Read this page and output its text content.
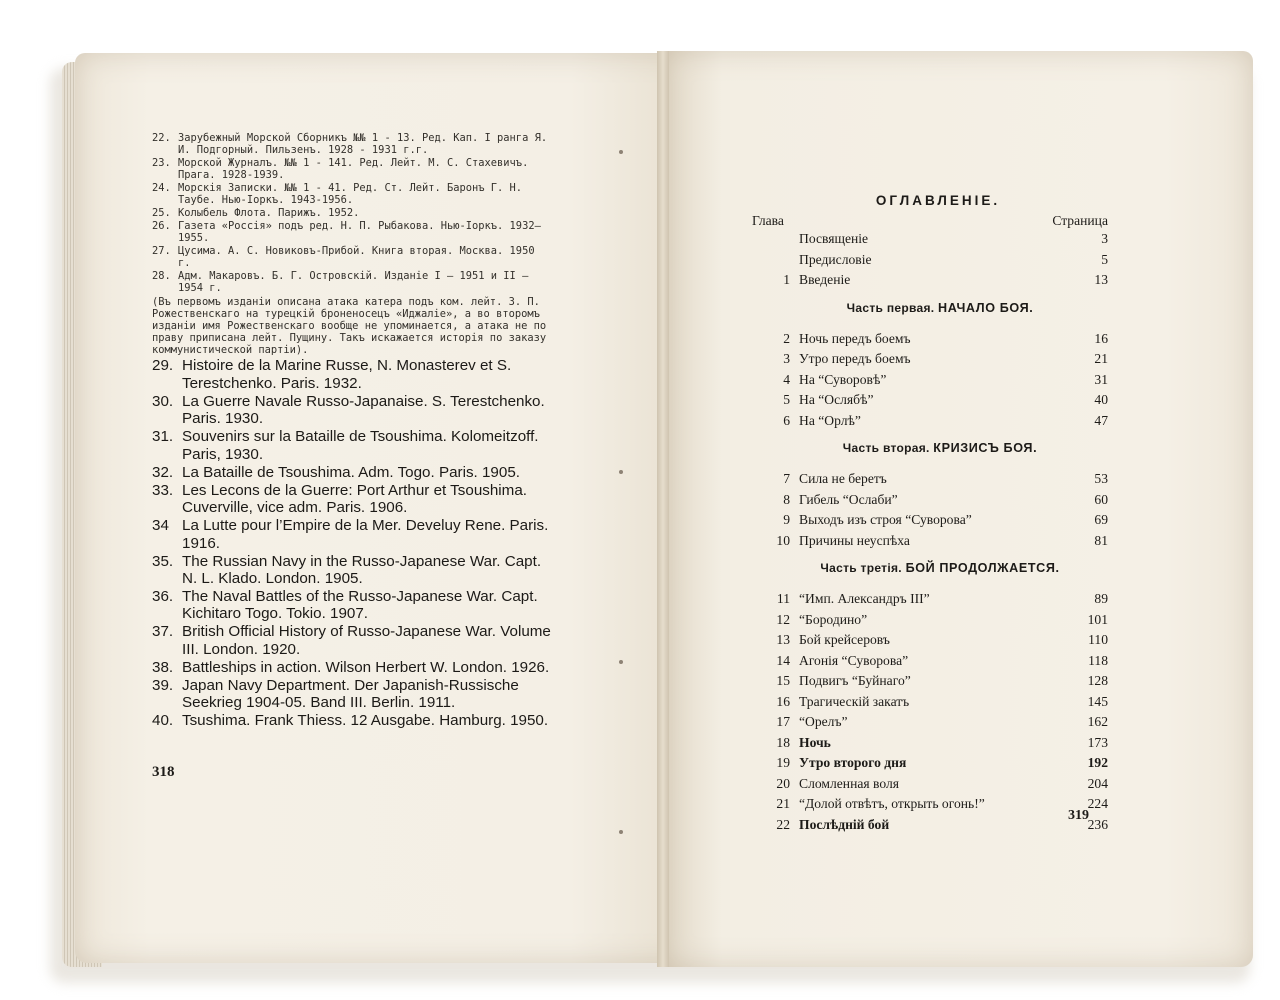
22. Зарубежный Морской Сборникъ №№ 1 - 13. Ред. Кап. I ранга Я. И. Подгорный. Пильзенъ. 1928 - 1931 г.г.
23. Морской Журналъ. №№ 1 - 141. Ред. Лейт. М. С. Стахевичъ. Прага. 1928-1939.
24. Морскія Записки. №№ 1 - 41. Ред. Ст. Лейт. Баронъ Г. Н. Таубе. Нью-Іоркъ. 1943-1956.
25. Колыбель Флота. Парижъ. 1952.
26. Газета «Россія» подъ ред. Н. П. Рыбакова. Нью-Іоркъ. 1932—1955.
27. Цусима. А. С. Новиковъ-Прибой. Книга вторая. Москва. 1950 г.
28. Адм. Макаровъ. Б. Г. Островскій. Изданіе I — 1951 и II — 1954 г.
(Въ первомъ изданіи описана атака катера подъ ком. лейт. З. П. Рожественскаго на турецкій броненосецъ «Иджаліе», а во второмъ изданіи имя Рожественскаго вообще не упоминается, а атака не по праву приписана лейт. Пущину. Такъ искажается исторія по заказу коммунистической партіи).
29. Histoire de la Marine Russe, N. Monasterev et S. Terestchenko. Paris. 1932.
30. La Guerre Navale Russo-Japanaise. S. Terestchenko. Paris. 1930.
31. Souvenirs sur la Bataille de Tsoushima. Kolomeitzoff. Paris, 1930.
32. La Bataille de Tsoushima. Adm. Togo. Paris. 1905.
33. Les Lecons de la Guerre: Port Arthur et Tsoushima. Cuverville, vice adm. Paris. 1906.
34 La Lutte pour l’Empire de la Mer. Develuy Rene. Paris. 1916.
35. The Russian Navy in the Russo-Japanese War. Capt. N. L. Klado. London. 1905.
36. The Naval Battles of the Russo-Japanese War. Capt. Kichitaro Togo. Tokio. 1907.
37. British Official History of Russo-Japanese War. Volume III. London. 1920.
38. Battleships in action. Wilson Herbert W. London. 1926.
39. Japan Navy Department. Der Japanish-Russische Seekrieg 1904-05. Band III. Berlin. 1911.
40. Tsushima. Frank Thiess. 12 Ausgabe. Hamburg. 1950.
318
ОГЛАВЛЕНІЕ.
Глава	Страница
Посвященіе	3
Предисловіе	5
1 Введеніе	13
Часть первая. НАЧАЛО БОЯ.
2 Ночь передъ боемъ	16
3 Утро передъ боемъ	21
4 На “Суворовѣ”	31
5 На “Ослябѣ”	40
6 На “Орлѣ”	47
Часть вторая. КРИЗИСЪ БОЯ.
7 Сила не беретъ	53
8 Гибель “Ослаби”	60
9 Выходъ изъ строя “Суворова”	69
10 Причины неуспѣха	81
Часть третія. БОЙ ПРОДОЛЖАЕТСЯ.
11 “Имп. Александръ III”	89
12 “Бородино”	101
13 Бой крейсеровъ	110
14 Агонія “Суворова”	118
15 Подвигъ “Буйнаго”	128
16 Трагическій закатъ	145
17 “Орелъ”	162
18 Ночь	173
19 Утро второго дня	192
20 Сломленная воля	204
21 “Долой отвѣтъ, открыть огонь!”	224
22 Послѣдній бой	236
319
